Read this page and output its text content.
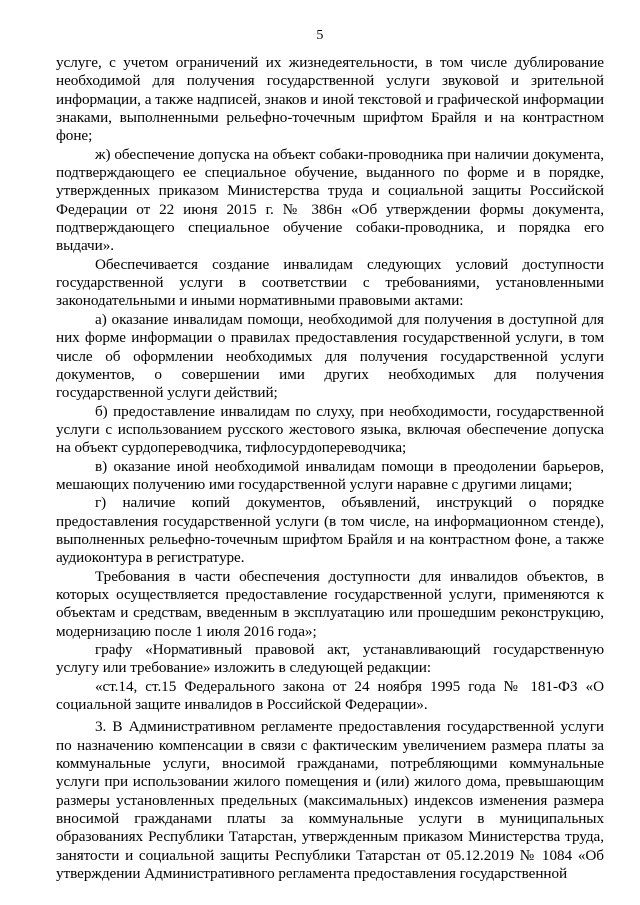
5

услуге, с учетом ограничений их жизнедеятельности, в том числе дублирование необходимой для получения государственной услуги звуковой и зрительной информации, а также надписей, знаков и иной текстовой и графической информации знаками, выполненными рельефно-точечным шрифтом Брайля и на контрастном фоне;

ж) обеспечение допуска на объект собаки-проводника при наличии документа, подтверждающего ее специальное обучение, выданного по форме и в порядке, утвержденных приказом Министерства труда и социальной защиты Российской Федерации от 22 июня 2015 г. № 386н «Об утверждении формы документа, подтверждающего специальное обучение собаки-проводника, и порядка его выдачи».

Обеспечивается создание инвалидам следующих условий доступности государственной услуги в соответствии с требованиями, установленными законодательными и иными нормативными правовыми актами:

а) оказание инвалидам помощи, необходимой для получения в доступной для них форме информации о правилах предоставления государственной услуги, в том числе об оформлении необходимых для получения государственной услуги документов, о совершении ими других необходимых для получения государственной услуги действий;

б) предоставление инвалидам по слуху, при необходимости, государственной услуги с использованием русского жестового языка, включая обеспечение допуска на объект сурдопереводчика, тифлосурдопереводчика;

в) оказание иной необходимой инвалидам помощи в преодолении барьеров, мешающих получению ими государственной услуги наравне с другими лицами;

г) наличие копий документов, объявлений, инструкций о порядке предоставления государственной услуги (в том числе, на информационном стенде), выполненных рельефно-точечным шрифтом Брайля и на контрастном фоне, а также аудиоконтура в регистратуре.

Требования в части обеспечения доступности для инвалидов объектов, в которых осуществляется предоставление государственной услуги, применяются к объектам и средствам, введенным в эксплуатацию или прошедшим реконструкцию, модернизацию после 1 июля 2016 года»;

графу «Нормативный правовой акт, устанавливающий государственную услугу или требование» изложить в следующей редакции:

«ст.14, ст.15 Федерального закона от 24 ноября 1995 года № 181-ФЗ «О социальной защите инвалидов в Российской Федерации».

3. В Административном регламенте предоставления государственной услуги по назначению компенсации в связи с фактическим увеличением размера платы за коммунальные услуги, вносимой гражданами, потребляющими коммунальные услуги при использовании жилого помещения и (или) жилого дома, превышающим размеры установленных предельных (максимальных) индексов изменения размера вносимой гражданами платы за коммунальные услуги в муниципальных образованиях Республики Татарстан, утвержденным приказом Министерства труда, занятости и социальной защиты Республики Татарстан от 05.12.2019 № 1084 «Об утверждении Административного регламента предоставления государственной
